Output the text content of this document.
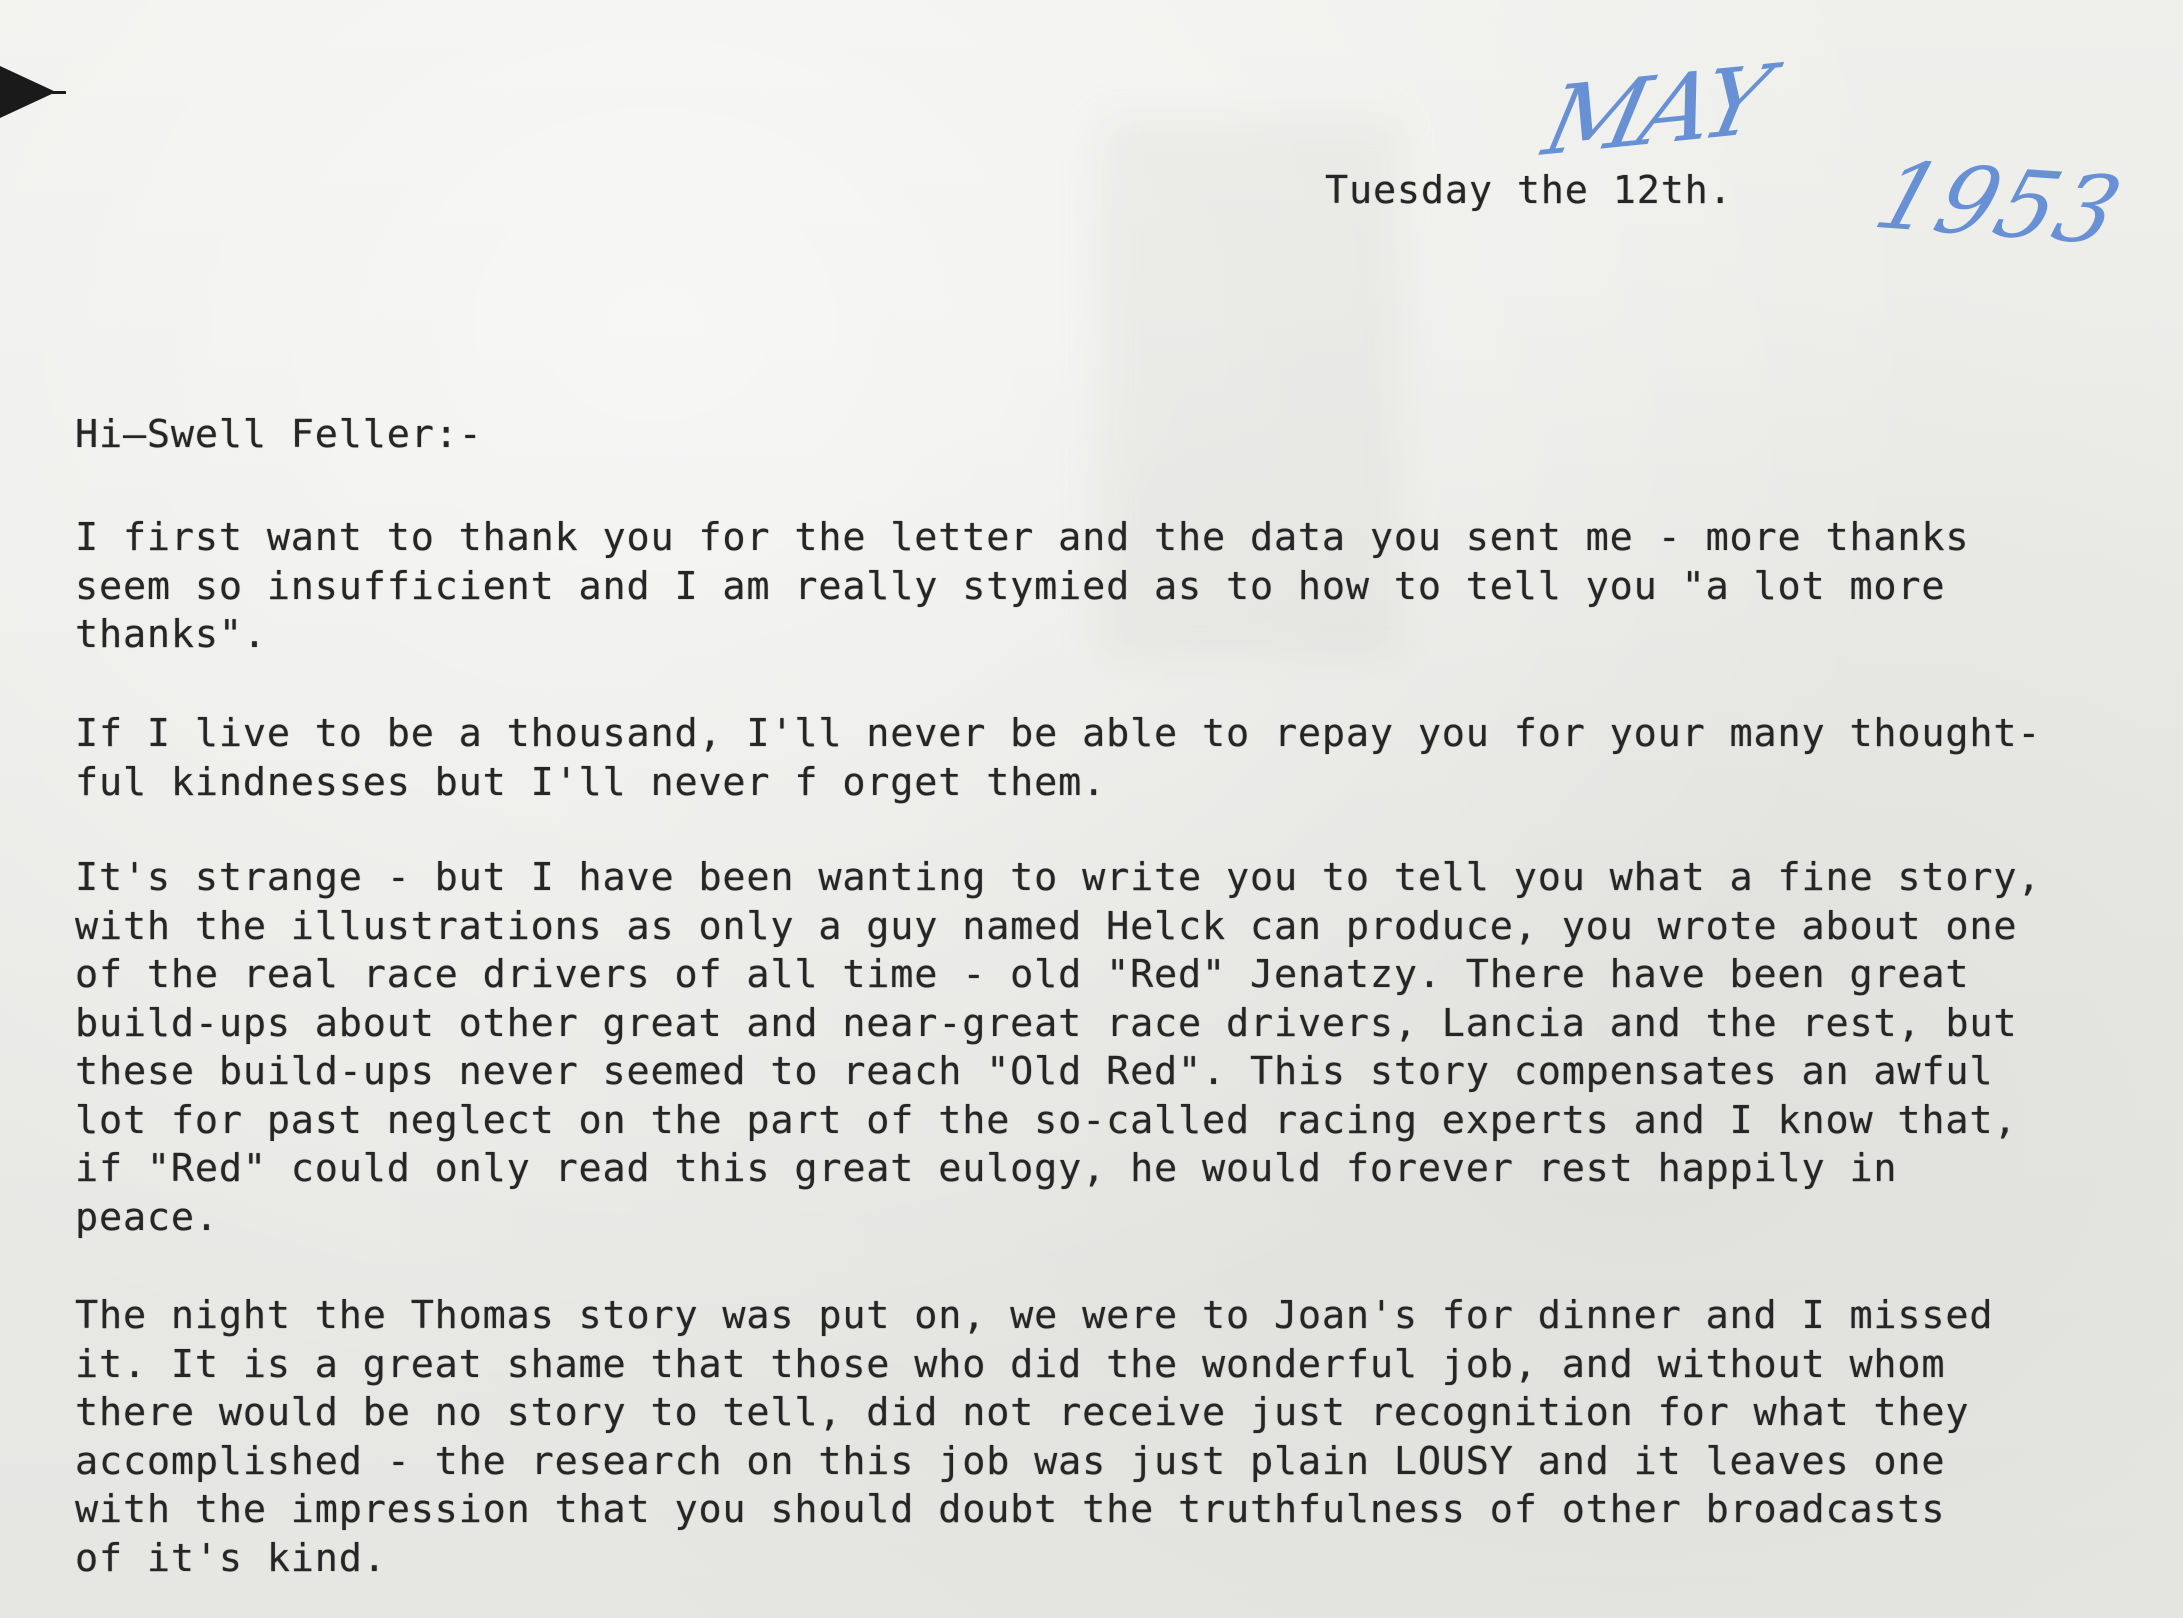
MAY
1953
Tuesday the 12th.
Hi—Swell Feller:-
I first want to thank you for the letter and the data you sent me - more thanks
seem so insufficient and I am really stymied as to how to tell you "a lot more
thanks".
If I live to be a thousand, I'll never be able to repay you for your many thought-
ful kindnesses but I'll never f orget them.
It's strange - but I have been wanting to write you to tell you what a fine story,
with the illustrations as only a guy named Helck can produce, you wrote about one
of the real race drivers of all time - old "Red" Jenatzy. There have been great
build-ups about other great and near-great race drivers, Lancia and the rest, but
these build-ups never seemed to reach "Old Red". This story compensates an awful
lot for past neglect on the part of the so-called racing experts and I know that,
if "Red" could only read this great eulogy, he would forever rest happily in
peace.
The night the Thomas story was put on, we were to Joan's for dinner and I missed
it. It is a great shame that those who did the wonderful job, and without whom
there would be no story to tell, did not receive just recognition for what they
accomplished - the research on this job was just plain LOUSY and it leaves one
with the impression that you should doubt the truthfulness of other broadcasts
of it's kind.
